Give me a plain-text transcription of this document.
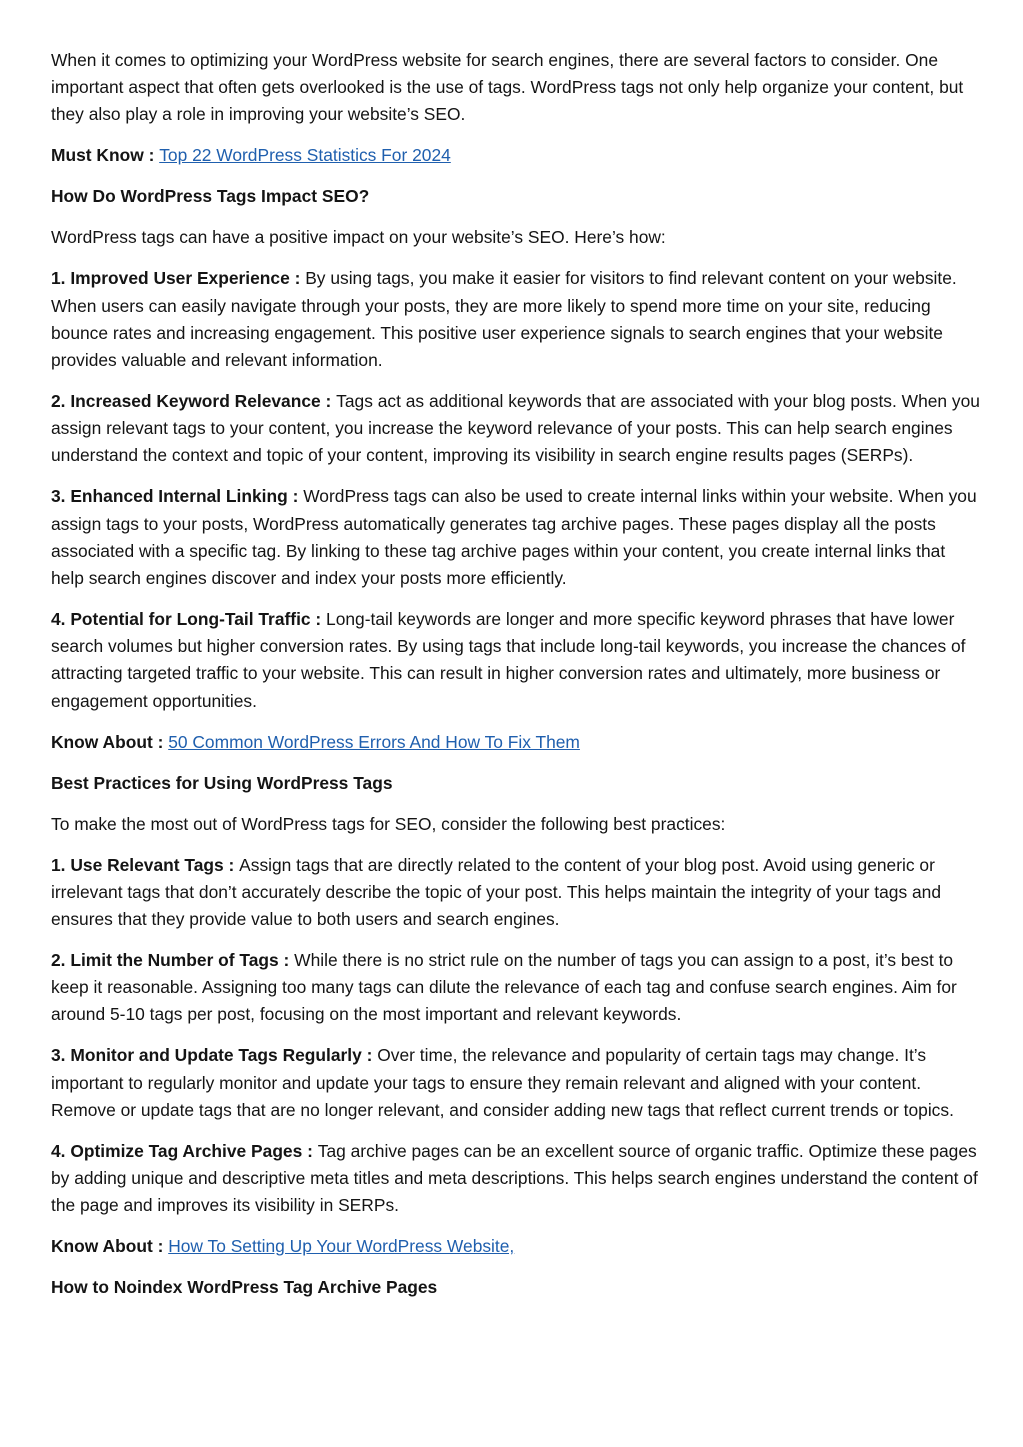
When it comes to optimizing your WordPress website for search engines, there are several factors to consider. One important aspect that often gets overlooked is the use of tags. WordPress tags not only help organize your content, but they also play a role in improving your website’s SEO.

Must Know : Top 22 WordPress Statistics For 2024

How Do WordPress Tags Impact SEO?

WordPress tags can have a positive impact on your website’s SEO. Here’s how:

1. Improved User Experience : By using tags, you make it easier for visitors to find relevant content on your website. When users can easily navigate through your posts, they are more likely to spend more time on your site, reducing bounce rates and increasing engagement. This positive user experience signals to search engines that your website provides valuable and relevant information.

2. Increased Keyword Relevance : Tags act as additional keywords that are associated with your blog posts. When you assign relevant tags to your content, you increase the keyword relevance of your posts. This can help search engines understand the context and topic of your content, improving its visibility in search engine results pages (SERPs).

3. Enhanced Internal Linking : WordPress tags can also be used to create internal links within your website. When you assign tags to your posts, WordPress automatically generates tag archive pages. These pages display all the posts associated with a specific tag. By linking to these tag archive pages within your content, you create internal links that help search engines discover and index your posts more efficiently.

4. Potential for Long-Tail Traffic : Long-tail keywords are longer and more specific keyword phrases that have lower search volumes but higher conversion rates. By using tags that include long-tail keywords, you increase the chances of attracting targeted traffic to your website. This can result in higher conversion rates and ultimately, more business or engagement opportunities.

Know About : 50 Common WordPress Errors And How To Fix Them

Best Practices for Using WordPress Tags

To make the most out of WordPress tags for SEO, consider the following best practices:

1. Use Relevant Tags : Assign tags that are directly related to the content of your blog post. Avoid using generic or irrelevant tags that don’t accurately describe the topic of your post. This helps maintain the integrity of your tags and ensures that they provide value to both users and search engines.

2. Limit the Number of Tags : While there is no strict rule on the number of tags you can assign to a post, it’s best to keep it reasonable. Assigning too many tags can dilute the relevance of each tag and confuse search engines. Aim for around 5-10 tags per post, focusing on the most important and relevant keywords.

3. Monitor and Update Tags Regularly : Over time, the relevance and popularity of certain tags may change. It’s important to regularly monitor and update your tags to ensure they remain relevant and aligned with your content. Remove or update tags that are no longer relevant, and consider adding new tags that reflect current trends or topics.

4. Optimize Tag Archive Pages : Tag archive pages can be an excellent source of organic traffic. Optimize these pages by adding unique and descriptive meta titles and meta descriptions. This helps search engines understand the content of the page and improves its visibility in SERPs.

Know About : How To Setting Up Your WordPress Website,

How to Noindex WordPress Tag Archive Pages
